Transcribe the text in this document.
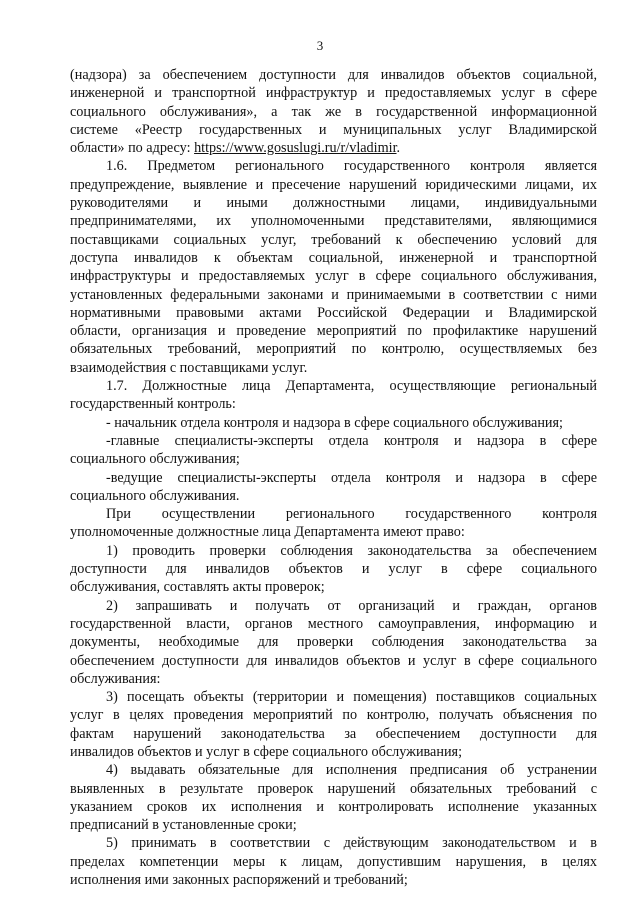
3
(надзора) за обеспечением доступности для инвалидов объектов социальной,
инженерной и транспортной инфраструктур и предоставляемых услуг в сфере
социального обслуживания», а так же в государственной информационной
системе «Реестр государственных и муниципальных услуг Владимирской
области» по адресу: https://www.gosuslugi.ru/r/vladimir.
1.6. Предметом регионального государственного контроля является
предупреждение, выявление и пресечение нарушений юридическими лицами, их
руководителями и иными должностными лицами, индивидуальными
предпринимателями, их уполномоченными представителями, являющимися
поставщиками социальных услуг, требований к обеспечению условий для
доступа инвалидов к объектам социальной, инженерной и транспортной
инфраструктуры и предоставляемых услуг в сфере социального обслуживания,
установленных федеральными законами и принимаемыми в соответствии с ними
нормативными правовыми актами Российской Федерации и Владимирской
области, организация и проведение мероприятий по профилактике нарушений
обязательных требований, мероприятий по контролю, осуществляемых без
взаимодействия с поставщиками услуг.
1.7. Должностные лица Департамента, осуществляющие региональный
государственный контроль:
- начальник отдела контроля и надзора в сфере социального обслуживания;
-главные специалисты-эксперты отдела контроля и надзора в сфере
социального обслуживания;
-ведущие специалисты-эксперты отдела контроля и надзора в сфере
социального обслуживания.
При осуществлении регионального государственного контроля
уполномоченные должностные лица Департамента имеют право:
1) проводить проверки соблюдения законодательства за обеспечением
доступности для инвалидов объектов и услуг в сфере социального
обслуживания, составлять акты проверок;
2) запрашивать и получать от организаций и граждан, органов
государственной власти, органов местного самоуправления, информацию и
документы, необходимые для проверки соблюдения законодательства за
обеспечением доступности для инвалидов объектов и услуг в сфере социального
обслуживания:
3) посещать объекты (территории и помещения) поставщиков социальных
услуг в целях проведения мероприятий по контролю, получать объяснения по
фактам нарушений законодательства за обеспечением доступности для
инвалидов объектов и услуг в сфере социального обслуживания;
4) выдавать обязательные для исполнения предписания об устранении
выявленных в результате проверок нарушений обязательных требований с
указанием сроков их исполнения и контролировать исполнение указанных
предписаний в установленные сроки;
5) принимать в соответствии с действующим законодательством и в
пределах компетенции меры к лицам, допустившим нарушения, в целях
исполнения ими законных распоряжений и требований;
